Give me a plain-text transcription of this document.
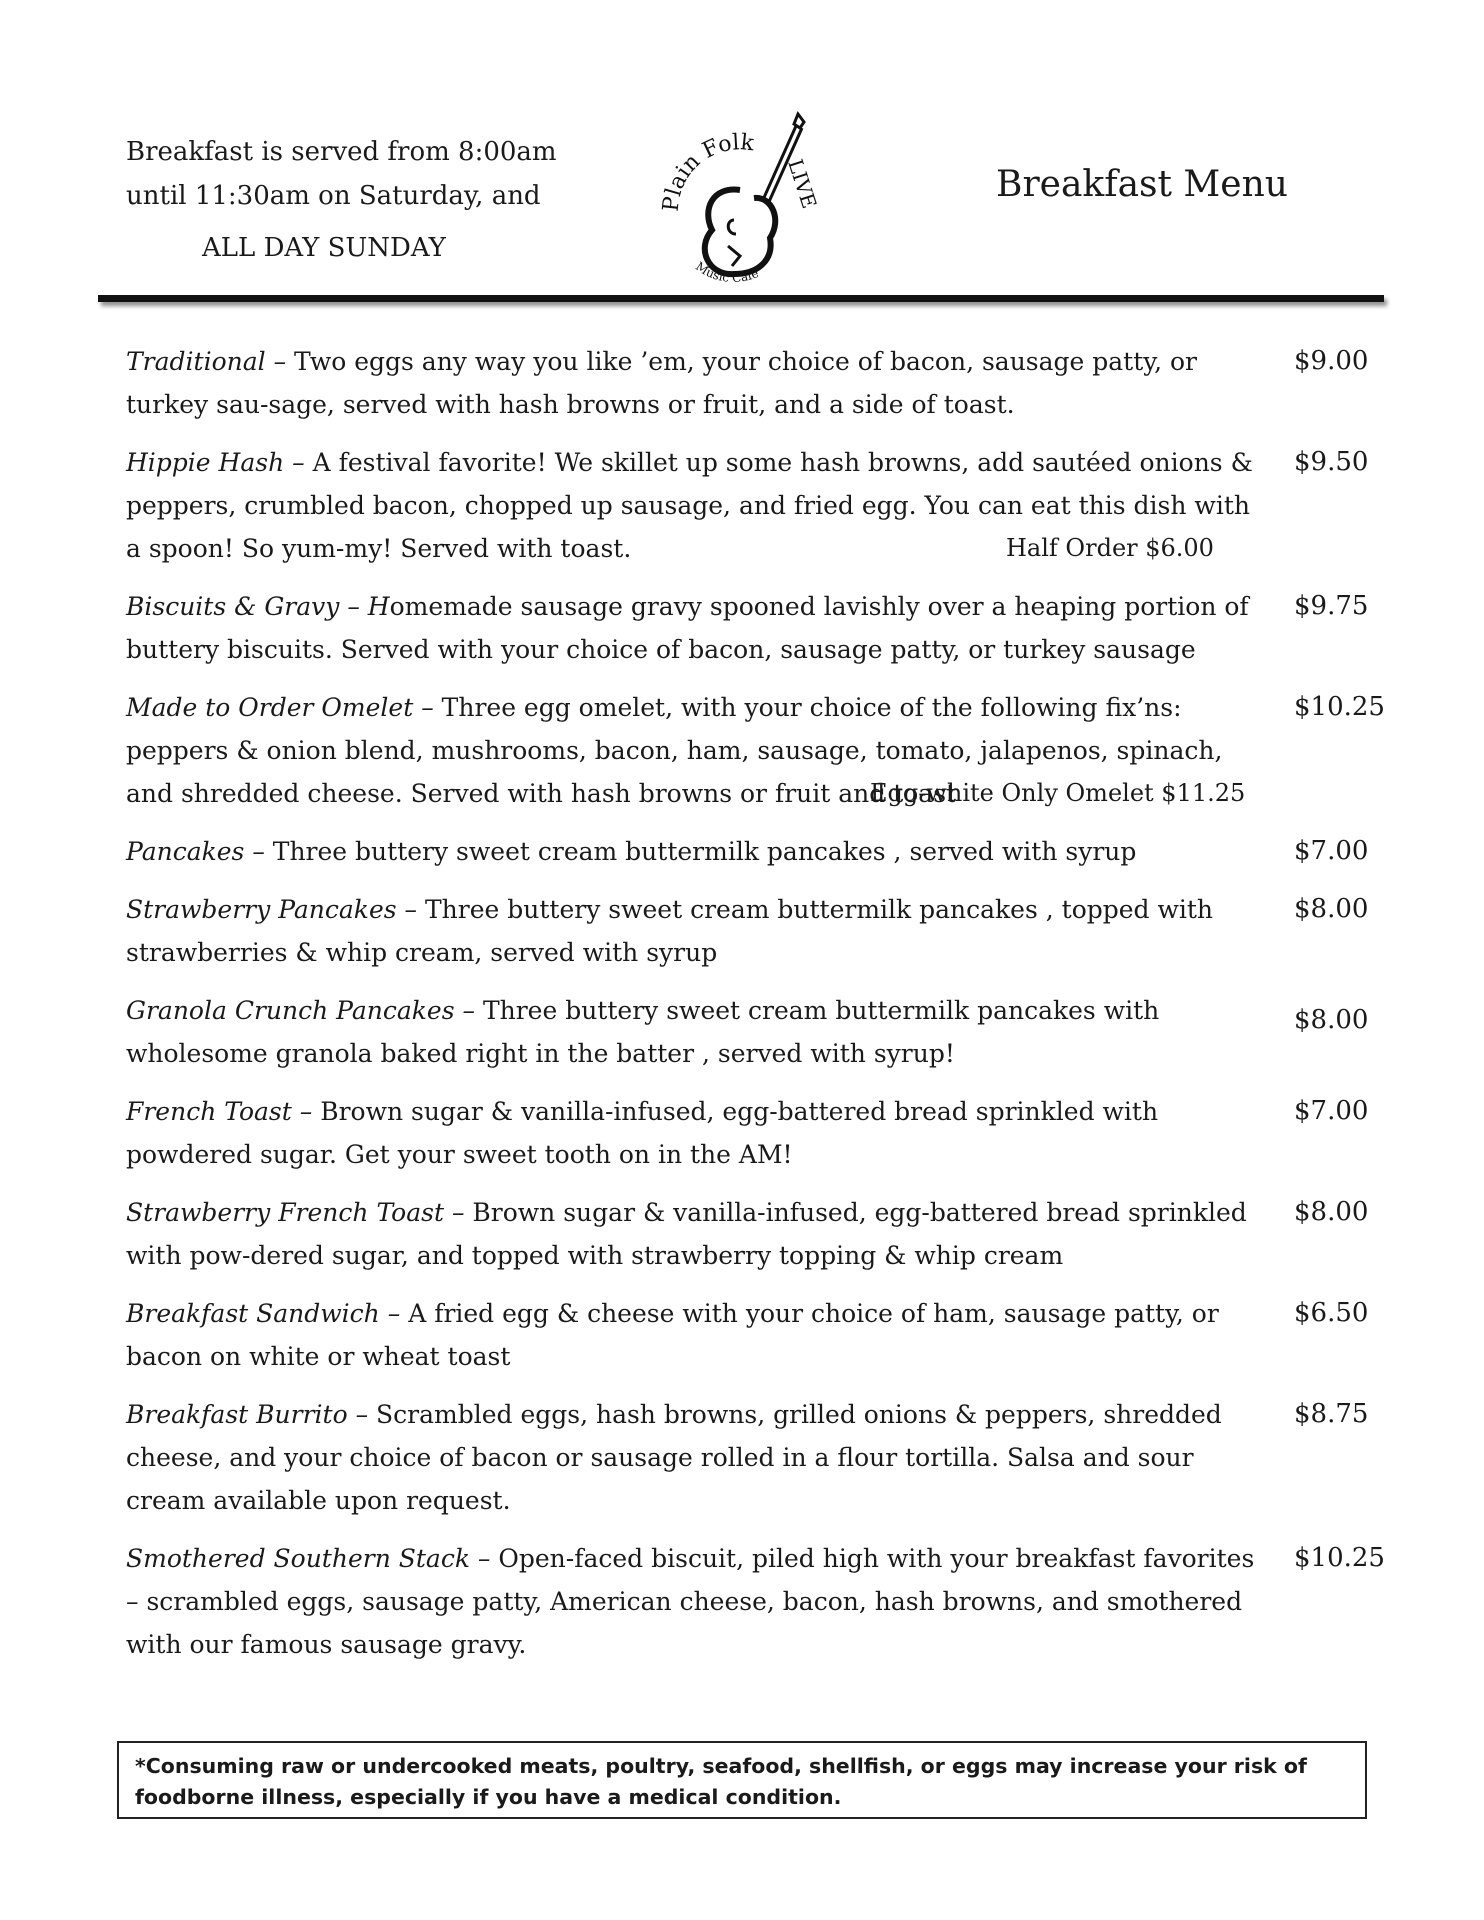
Breakfast is served from 8:00am
until 11:30am on Saturday, and
ALL DAY SUNDAY
Plain Folk
LIVE
Music Café
Breakfast Menu
Traditional – Two eggs any way you like ’em, your choice of bacon, sausage patty, or turkey sau-sage, served with hash browns or fruit, and a side of toast.
$9.00
Hippie Hash – A festival favorite! We skillet up some hash browns, add sautéed onions & peppers, crumbled bacon, chopped up sausage, and fried egg. You can eat this dish with a spoon! So yum-my! Served with toast.
$9.50
Half Order $6.00
Biscuits & Gravy – Homemade sausage gravy spooned lavishly over a heaping portion of buttery biscuits. Served with your choice of bacon, sausage patty, or turkey sausage
$9.75
Made to Order Omelet – Three egg omelet, with your choice of the following fix’ns: peppers & onion blend, mushrooms, bacon, ham, sausage, tomato, jalapenos, spinach, and shredded cheese. Served with hash browns or fruit and toast
$10.25
Egg-white Only Omelet $11.25
Pancakes – Three buttery sweet cream buttermilk pancakes , served with syrup	$7.00
Strawberry Pancakes – Three buttery sweet cream buttermilk pancakes , topped with strawberries & whip cream, served with syrup
$8.00
Granola Crunch Pancakes – Three buttery sweet cream buttermilk pancakes with wholesome granola baked right in the batter , served with syrup!
$8.00
French Toast – Brown sugar & vanilla-infused, egg-battered bread sprinkled with powdered sugar. Get your sweet tooth on in the AM!
$7.00
Strawberry French Toast – Brown sugar & vanilla-infused, egg-battered bread sprinkled with pow-dered sugar, and topped with strawberry topping & whip cream
$8.00
Breakfast Sandwich – A fried egg & cheese with your choice of ham, sausage patty, or bacon on white or wheat toast
$6.50
Breakfast Burrito – Scrambled eggs, hash browns, grilled onions & peppers, shredded cheese, and your choice of bacon or sausage rolled in a flour tortilla. Salsa and sour cream available upon request.
$8.75
Smothered Southern Stack – Open-faced biscuit, piled high with your breakfast favorites – scrambled eggs, sausage patty, American cheese, bacon, hash browns, and smothered with our famous sausage gravy.
$10.25
*Consuming raw or undercooked meats, poultry, seafood, shellfish, or eggs may increase your risk of foodborne illness, especially if you have a medical condition.
